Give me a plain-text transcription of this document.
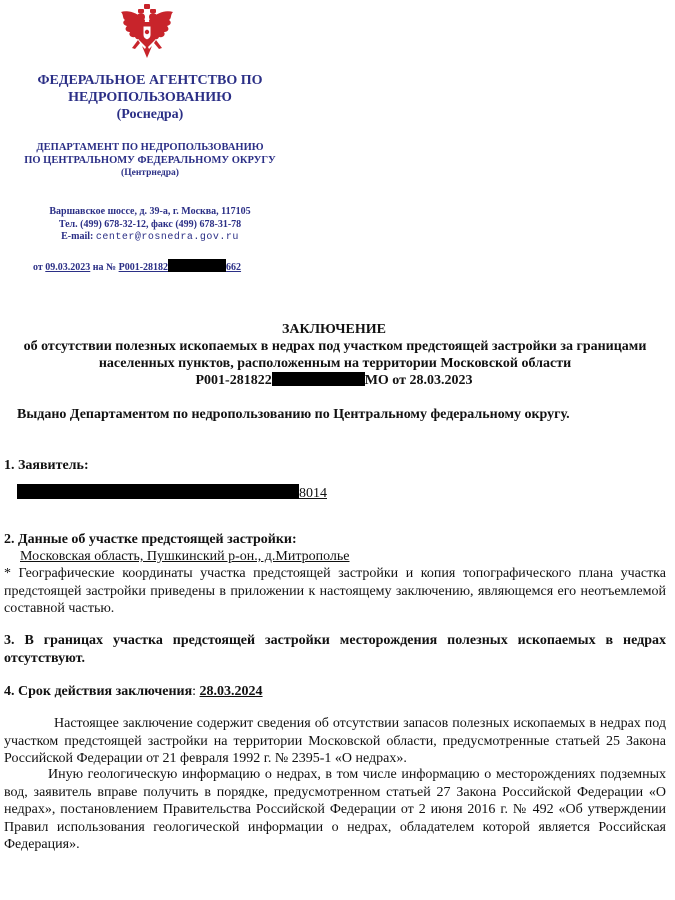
ФЕДЕРАЛЬНОЕ АГЕНТСТВО ПО
НЕДРОПОЛЬЗОВАНИЮ
(Роснедра)
ДЕПАРТАМЕНТ ПО НЕДРОПОЛЬЗОВАНИЮ
ПО ЦЕНТРАЛЬНОМУ ФЕДЕРАЛЬНОМУ ОКРУГУ
(Центрнедра)
Варшавское шоссе, д. 39-а, г. Москва, 117105
Тел. (499) 678-32-12, факс (499) 678-31-78
E-mail: center@rosnedra.gov.ru
от 09.03.2023 на № Р001-28182	662
ЗАКЛЮЧЕНИЕ
об отсутствии полезных ископаемых в недрах под участком предстоящей застройки за границами населенных пунктов, расположенным на территории Московской области
Р001-281822	МО от 28.03.2023
Выдано Департаментом по недропользованию по Центральному федеральному округу.
1. Заявитель:
8014
2. Данные об участке предстоящей застройки:
Московская область, Пушкинский р-он., д.Митрополье
* Географические координаты участка предстоящей застройки и копия топографического плана участка предстоящей застройки приведены в приложении к настоящему заключению, являющемся его неотъемлемой составной частью.
3. В границах участка предстоящей застройки месторождения полезных ископаемых в недрах отсутствуют.
4. Срок действия заключения: 28.03.2024
Настоящее заключение содержит сведения об отсутствии запасов полезных ископаемых в недрах под участком предстоящей застройки на территории Московской области, предусмотренные статьей 25 Закона Российской Федерации от 21 февраля 1992 г. № 2395-1 «О недрах».
Иную геологическую информацию о недрах, в том числе информацию о месторождениях подземных вод, заявитель вправе получить в порядке, предусмотренном статьей 27 Закона Российской Федерации «О недрах», постановлением Правительства Российской Федерации от 2 июня 2016 г. № 492 «Об утверждении Правил использования геологической информации о недрах, обладателем которой является Российская Федерация».
